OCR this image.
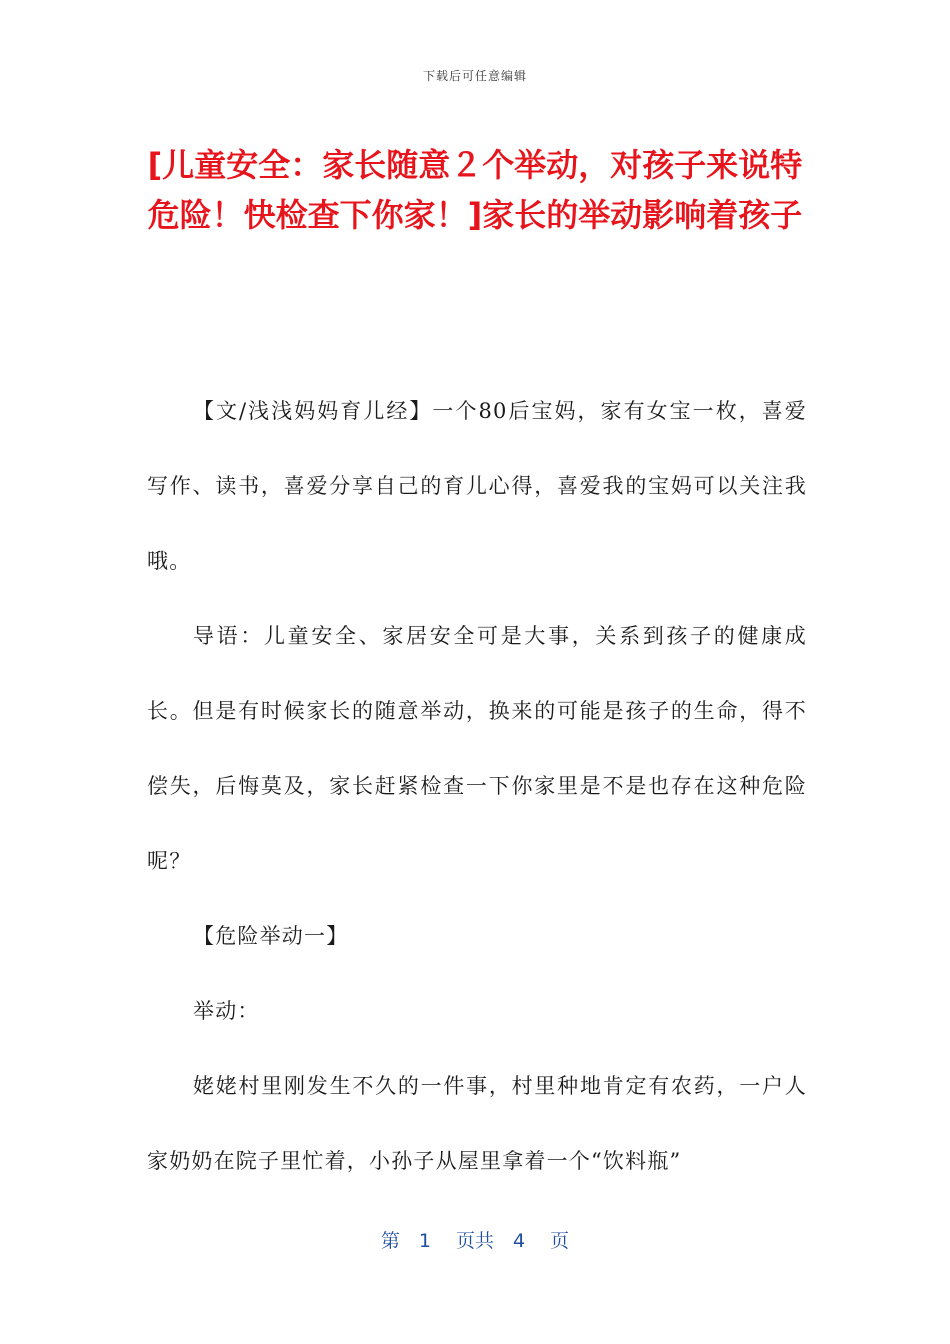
下载后可任意编辑
[儿童安全：家长随意２个举动，对孩子来说特危险！快检查下你家！]家长的举动影响着孩子

【文/浅浅妈妈育儿经】一个80后宝妈，家有女宝一枚，喜爱写作、读书，喜爱分享自己的育儿心得，喜爱我的宝妈可以关注我哦。

导语：儿童安全、家居安全可是大事，关系到孩子的健康成长。但是有时候家长的随意举动，换来的可能是孩子的生命，得不偿失，后悔莫及，家长赶紧检查一下你家里是不是也存在这种危险呢？

【危险举动一】

举动：

姥姥村里刚发生不久的一件事，村里种地肯定有农药，一户人家奶奶在院子里忙着，小孙子从屋里拿着一个“饮料瓶”

第　1　 页共　4　 页
